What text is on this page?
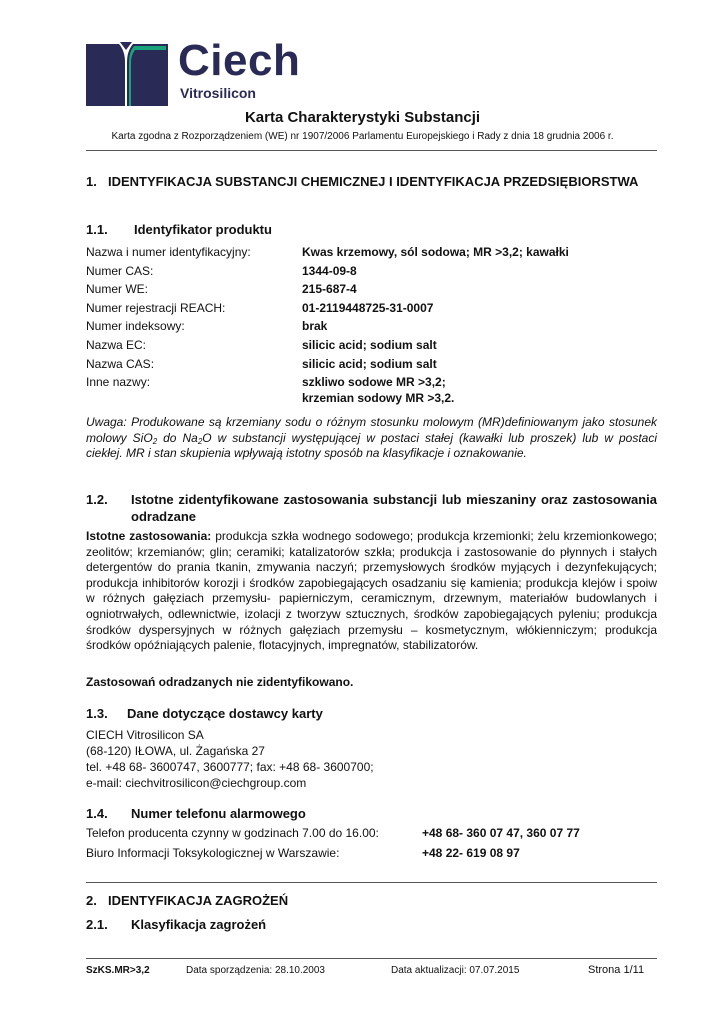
Ciech
Vitrosilicon
Karta Charakterystyki Substancji
Karta zgodna z Rozporządzeniem (WE) nr 1907/2006 Parlamentu Europejskiego i Rady z dnia 18 grudnia 2006 r.
1. IDENTYFIKACJA SUBSTANCJI CHEMICZNEJ I IDENTYFIKACJA PRZEDSIĘBIORSTWA
1.1. Identyfikator produktu
Nazwa i numer identyfikacyjny:	Kwas krzemowy, sól sodowa; MR >3,2; kawałki
Numer CAS:	1344-09-8
Numer WE:	215-687-4
Numer rejestracji REACH:	01-2119448725-31-0007
Numer indeksowy:	brak
Nazwa EC:	silicic acid; sodium salt
Nazwa CAS:	silicic acid; sodium salt
Inne nazwy:	szkliwo sodowe MR >3,2;
krzemian sodowy MR >3,2.
Uwaga: Produkowane są krzemiany sodu o różnym stosunku molowym (MR)definiowanym jako stosunek molowy SiO$_2$ do $Na_2O$ w substancji występującej w postaci stałej (kawałki lub proszek) lub w postaci ciekłej. MR i stan skupienia wpływają istotny sposób na klasyfikacje i oznakowanie.
1.2. Istotne zidentyfikowane zastosowania substancji lub mieszaniny oraz zastosowania odradzane
Istotne zastosowania: produkcja szkła wodnego sodowego; produkcja krzemionki; żelu krzemionkowego; zeolitów; krzemianów; glin; ceramiki; katalizatorów szkła; produkcja i zastosowanie do płynnych i stałych detergentów do prania tkanin, zmywania naczyń; przemysłowych środków myjących i dezynfekujących; produkcja inhibitorów korozji i środków zapobiegających osadzaniu się kamienia; produkcja klejów i spoiw w różnych gałęziach przemysłu- papierniczym, ceramicznym, drzewnym, materiałów budowlanych i ogniotrwałych, odlewnictwie, izolacji z tworzyw sztucznych, środków zapobiegających pyleniu; produkcja środków dyspersyjnych w różnych gałęziach przemysłu – kosmetycznym, włókienniczym; produkcja środków opóźniających palenie, flotacyjnych, impregnatów, stabilizatorów.
Zastosowań odradzanych nie zidentyfikowano.
1.3. Dane dotyczące dostawcy karty
CIECH Vitrosilicon SA
(68-120) IŁOWA, ul. Żagańska 27
tel. +48 68- 3600747, 3600777; fax: +48 68- 3600700;
e-mail: ciechvitrosilicon@ciechgroup.com
1.4. Numer telefonu alarmowego
Telefon producenta czynny w godzinach 7.00 do 16.00:	+48 68- 360 07 47, 360 07 77
Biuro Informacji Toksykologicznej w Warszawie:	+48 22- 619 08 97
2. IDENTYFIKACJA ZAGROŻEŃ
2.1. Klasyfikacja zagrożeń
SzKS.MR>3,2	Data sporządzenia: 28.10.2003	Data aktualizacji: 07.07.2015	Strona 1/11
